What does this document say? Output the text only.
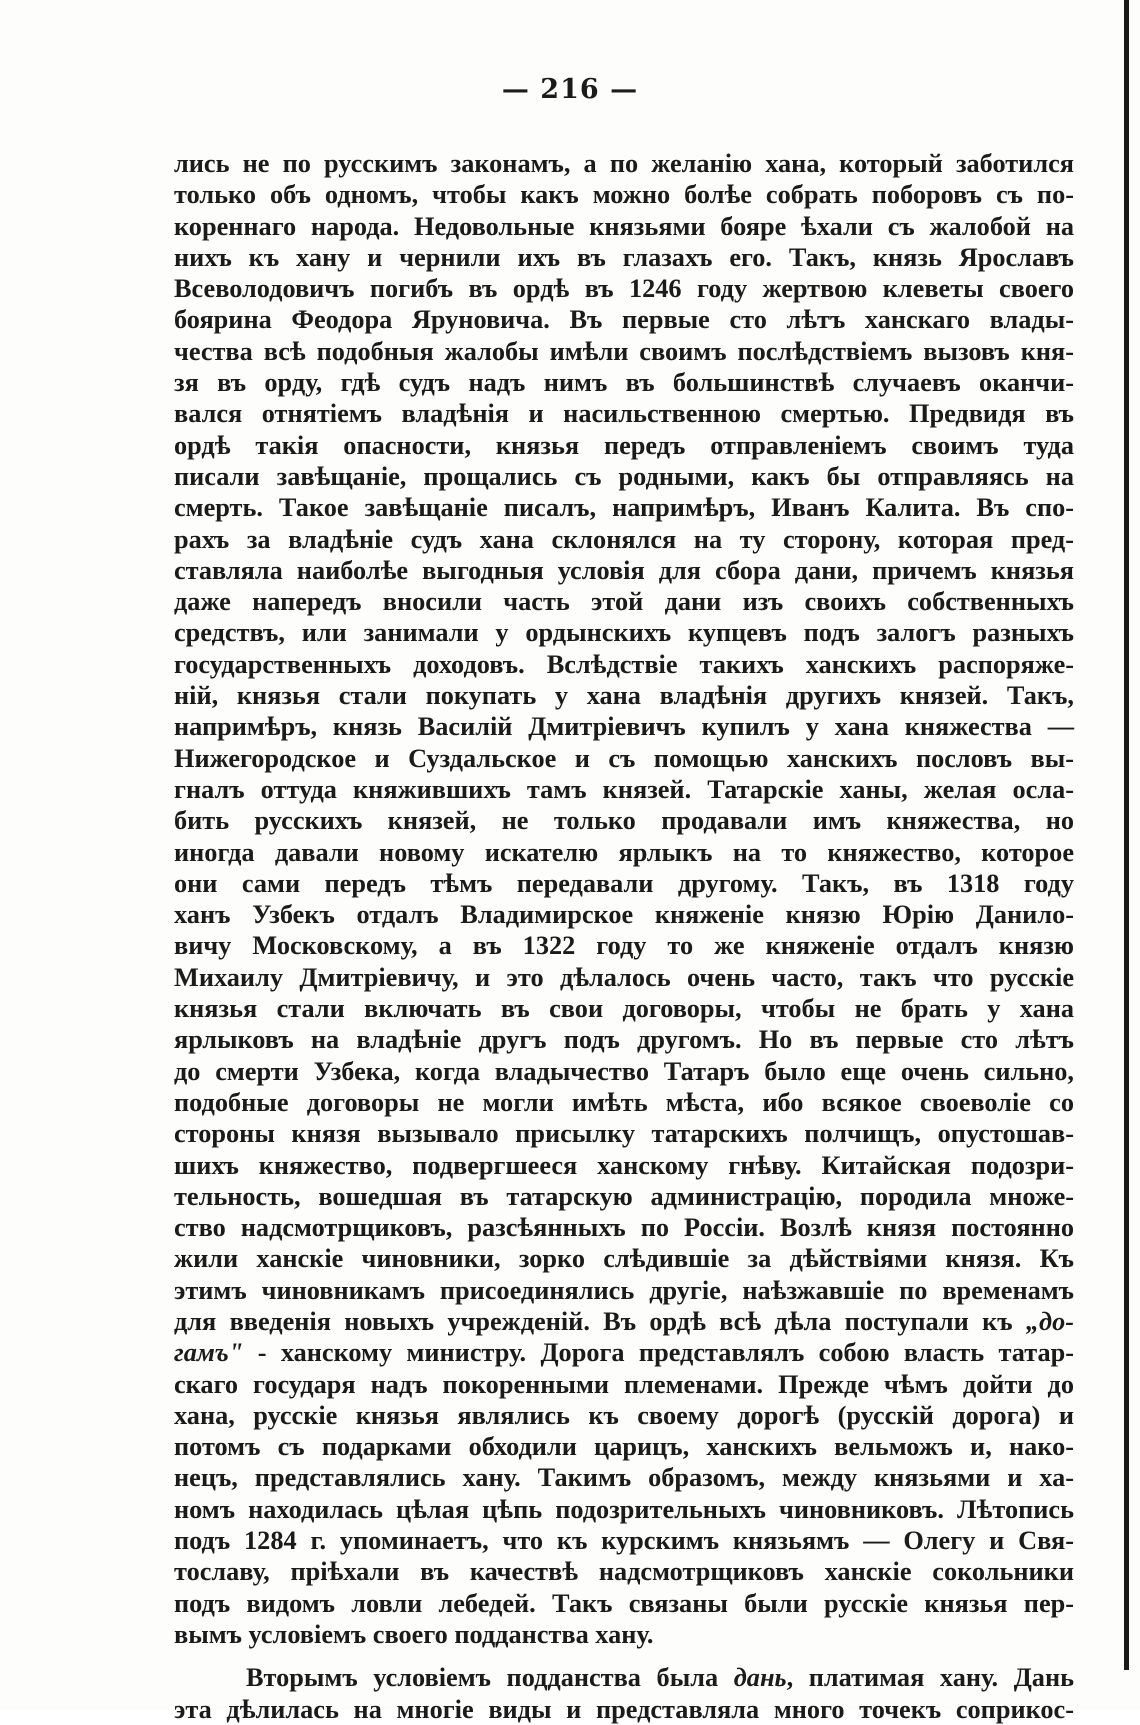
— 216 —
лись не по русскимъ законамъ, а по желанію хана, который заботился
только объ одномъ, чтобы какъ можно болѣе собрать поборовъ съ по-
кореннаго народа. Недовольные князьями бояре ѣхали съ жалобой на
нихъ къ хану и чернили ихъ въ глазахъ его. Такъ, князь Ярославъ
Всеволодовичъ погибъ въ ордѣ въ 1246 году жертвою клеветы своего
боярина Феодора Яруновича. Въ первые сто лѣтъ ханскаго влады-
чества всѣ подобныя жалобы имѣли своимъ послѣдствіемъ вызовъ кня-
зя въ орду, гдѣ судъ надъ нимъ въ большинствѣ случаевъ оканчи-
вался отнятіемъ владѣнія и насильственною смертью. Предвидя въ
ордѣ такія опасности, князья передъ отправленіемъ своимъ туда
писали завѣщаніе, прощались съ родными, какъ бы отправляясь на
смерть. Такое завѣщаніе писалъ, напримѣръ, Иванъ Калита. Въ спо-
рахъ за владѣніе судъ хана склонялся на ту сторону, которая пред-
ставляла наиболѣе выгодныя условія для сбора дани, причемъ князья
даже напередъ вносили часть этой дани изъ своихъ собственныхъ
средствъ, или занимали у ордынскихъ купцевъ подъ залогъ разныхъ
государственныхъ доходовъ. Вслѣдствіе такихъ ханскихъ распоряже-
ній, князья стали покупать у хана владѣнія другихъ князей. Такъ,
напримѣръ, князь Василій Дмитріевичъ купилъ у хана княжества —
Нижегородское и Суздальское и съ помощью ханскихъ пословъ вы-
гналъ оттуда княжившихъ тамъ князей. Татарскіе ханы, желая осла-
бить русскихъ князей, не только продавали имъ княжества, но
иногда давали новому искателю ярлыкъ на то княжество, которое
они сами передъ тѣмъ передавали другому. Такъ, въ 1318 году
ханъ Узбекъ отдалъ Владимирское княженіе князю Юрію Данило-
вичу Московскому, а въ 1322 году то же княженіе отдалъ князю
Михаилу Дмитріевичу, и это дѣлалось очень часто, такъ что русскіе
князья стали включать въ свои договоры, чтобы не брать у хана
ярлыковъ на владѣніе другъ подъ другомъ. Но въ первые сто лѣтъ
до смерти Узбека, когда владычество Татаръ было еще очень сильно,
подобные договоры не могли имѣть мѣста, ибо всякое своеволіе со
стороны князя вызывало присылку татарскихъ полчищъ, опустошав-
шихъ княжество, подвергшееся ханскому гнѣву. Китайская подозри-
тельность, вошедшая въ татарскую администрацію, породила множе-
ство надсмотрщиковъ, разсѣянныхъ по Россіи. Возлѣ князя постоянно
жили ханскіе чиновники, зорко слѣдившіе за дѣйствіями князя. Къ
этимъ чиновникамъ присоединялись другіе, наѣзжавшіе по временамъ
для введенія новыхъ учрежденій. Въ ордѣ всѣ дѣла поступали къ „до-
гамъ" - ханскому министру. Дорога представлялъ собою власть татар-
скаго государя надъ покоренными племенами. Прежде чѣмъ дойти до
хана, русскіе князья являлись къ своему дорогѣ (русскій дорога) и
потомъ съ подарками обходили царицъ, ханскихъ вельможъ и, нако-
нецъ, представлялись хану. Такимъ образомъ, между князьями и ха-
номъ находилась цѣлая цѣпь подозрительныхъ чиновниковъ. Лѣтопись
подъ 1284 г. упоминаетъ, что къ курскимъ князьямъ — Олегу и Свя-
тославу, пріѣхали въ качествѣ надсмотрщиковъ ханскіе сокольники
подъ видомъ ловли лебедей. Такъ связаны были русскіе князья пер-
вымъ условіемъ своего подданства хану.
Вторымъ условіемъ подданства была дань, платимая хану. Дань
эта дѣлилась на многіе виды и представляла много точекъ соприкос-
